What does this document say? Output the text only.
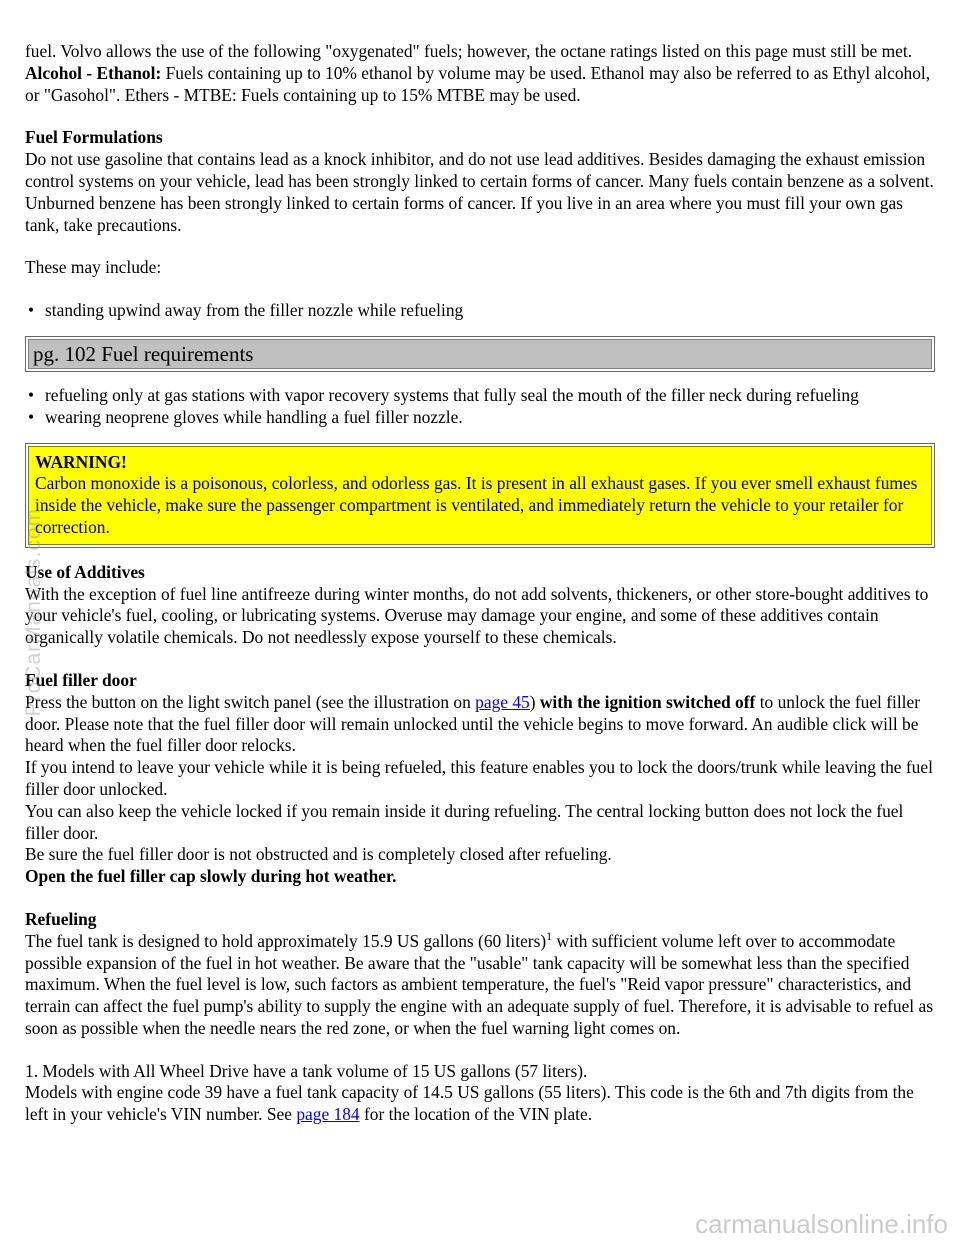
fuel. Volvo allows the use of the following "oxygenated" fuels; however, the octane ratings listed on this page must still be met.
Alcohol - Ethanol: Fuels containing up to 10% ethanol by volume may be used. Ethanol may also be referred to as Ethyl alcohol, or "Gasohol". Ethers - MTBE: Fuels containing up to 15% MTBE may be used.

Fuel Formulations
Do not use gasoline that contains lead as a knock inhibitor, and do not use lead additives. Besides damaging the exhaust emission control systems on your vehicle, lead has been strongly linked to certain forms of cancer. Many fuels contain benzene as a solvent. Unburned benzene has been strongly linked to certain forms of cancer. If you live in an area where you must fill your own gas tank, take precautions.

These may include:

• standing upwind away from the filler nozzle while refueling
pg. 102 Fuel requirements
• refueling only at gas stations with vapor recovery systems that fully seal the mouth of the filler neck during refueling
• wearing neoprene gloves while handling a fuel filler nozzle.
WARNING!
Carbon monoxide is a poisonous, colorless, and odorless gas. It is present in all exhaust gases. If you ever smell exhaust fumes inside the vehicle, make sure the passenger compartment is ventilated, and immediately return the vehicle to your retailer for correction.

Use of Additives
With the exception of fuel line antifreeze during winter months, do not add solvents, thickeners, or other store-bought additives to your vehicle's fuel, cooling, or lubricating systems. Overuse may damage your engine, and some of these additives contain organically volatile chemicals. Do not needlessly expose yourself to these chemicals.

Fuel filler door
Press the button on the light switch panel (see the illustration on page 45) with the ignition switched off to unlock the fuel filler door. Please note that the fuel filler door will remain unlocked until the vehicle begins to move forward. An audible click will be heard when the fuel filler door relocks.
If you intend to leave your vehicle while it is being refueled, this feature enables you to lock the doors/trunk while leaving the fuel filler door unlocked.
You can also keep the vehicle locked if you remain inside it during refueling. The central locking button does not lock the fuel filler door.
Be sure the fuel filler door is not obstructed and is completely closed after refueling.
Open the fuel filler cap slowly during hot weather.

Refueling
The fuel tank is designed to hold approximately 15.9 US gallons (60 liters)$^1$ with sufficient volume left over to accommodate possible expansion of the fuel in hot weather. Be aware that the "usable" tank capacity will be somewhat less than the specified maximum. When the fuel level is low, such factors as ambient temperature, the fuel's "Reid vapor pressure" characteristics, and terrain can affect the fuel pump's ability to supply the engine with an adequate supply of fuel. Therefore, it is advisable to refuel as soon as possible when the needle nears the red zone, or when the fuel warning light comes on.

1. Models with All Wheel Drive have a tank volume of 15 US gallons (57 liters).
Models with engine code 39 have a fuel tank capacity of 14.5 US gallons (55 liters). This code is the 6th and 7th digits from the left in your vehicle's VIN number. See page 184 for the location of the VIN plate.

ProCarManuals.com
carmanualsonline.info
